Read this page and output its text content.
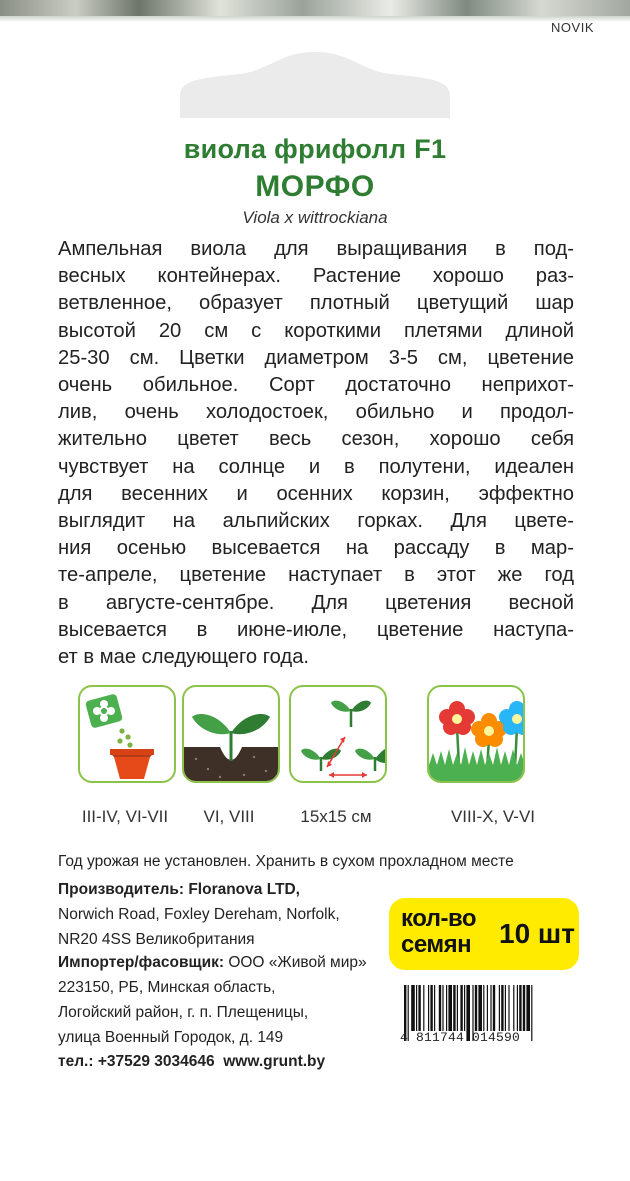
NOVIK
виола фрифолл F1
МОРФО
Viola x wittrockiana
Ампельная виола для выращивания в под-
весных контейнерах. Растение хорошо раз-
ветвленное, образует плотный цветущий шар
высотой 20 см с короткими плетями длиной
25-30 см. Цветки диаметром 3-5 см, цветение
очень обильное. Сорт достаточно неприхот-
лив, очень холодостоек, обильно и продол-
жительно цветет весь сезон, хорошо себя
чувствует на солнце и в полутени, идеален
для весенних и осенних корзин, эффектно
выглядит на альпийских горках. Для цвете-
ния осенью высевается на рассаду в мар-
те-апреле, цветение наступает в этот же год
в августе-сентябре. Для цветения весной
высевается в июне-июле, цветение наступа-
ет в мае следующего года.
III-IV, VI-VII	VI, VIII	15x15 см	VIII-X, V-VI
Год урожая не установлен. Хранить в сухом прохладном месте
Производитель: Floranova LTD,
Norwich Road, Foxley Dereham, Norfolk,
NR20 4SS Великобритания
Импортер/фасовщик: ООО «Живой мир»
223150, РБ, Минская область,
Логойский район, г. п. Плещеницы,
улица Военный Городок, д. 149
тел.: +37529 3034646  www.grunt.by
кол-во
семян 10 шт
4 811744 014590
